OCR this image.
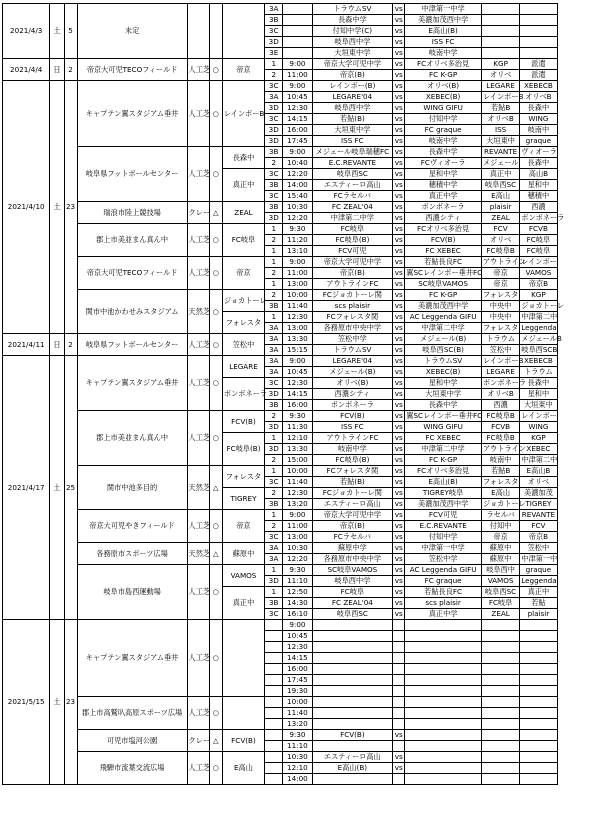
2021/4/3	土	5	未定				3A		トラウムSV	vs	中津第一中学		
							3B		長森中学	vs	美濃加茂西中学		
							3C		付知中学(C)	vs	E高山(B)		
							3D		岐阜西中学	vs	ISS FC		
							3E		大垣東中学	vs	岐南中学		
2021/4/4	日	2	帝京大可児TECOフィールド	人工芝	○	帝京	1	9:00	帝京大学可児中学	vs	FCオリベ多治見	KGP	派遣
							2	11:00	帝京(B)	vs	FC K-GP	オリベ	派遣
2021/4/10	土	23	キャプテン翼スタジアム垂井	人工芝	○	レインボーB	3C	9:00	レインボー(B)	vs	オリベ(B)	LEGARE	XEBECB
							3A	10:45	LEGARE'04	vs	XEBEC(B)	レインボーB	オリベB
							3D	12:30	岐阜西中学	vs	WING GIFU	若鮎B	長森中
							3C	14:15	若鮎(B)	vs	付知中学	オリベB	WING
							3D	16:00	大垣東中学	vs	FC graque	ISS	岐南中
							3D	17:45	ISS FC	vs	岐南中学	大垣東中	graque
			岐阜県フットボールセンター	人工芝	○	長森中	3B	9:00	メジェール岐阜瑞穂FC	vs	長森中学	REVANTE	ヴィオーラ
							2	10:40	E.C.REVANTE	vs	FCヴィオーラ	メジェール	長森中
						真正中	3C	12:20	岐阜西SC	vs	星和中学	真正中	高山B
							3B	14:00	エスティーロ高山	vs	穂積中学	岐阜西SC	星和中
							3C	15:40	FCラセルバ	vs	真正中学	E高山	穂積中
			瑞浪市陸上競技場	クレー	△	ZEAL	3B	10:30	FC ZEAL'04	vs	ボンボネーラ	plaisir	西濃
							3D	12:20	中津第二中学	vs	西濃シティ	ZEAL	ボンボネーラ
			郡上市美並まん真ん中	人工芝	○	FC岐阜	1	9:30	FC岐阜	vs	FCオリベ多治見	FCV	FCVB
							2	11:20	FC岐阜(B)	vs	FCV(B)	オリベ	FC岐阜
							1	13:10	FCV可児	vs	FC XEBEC	FC岐阜B	FC岐阜
			帝京大可児TECOフィールド	人工芝	○	帝京	1	9:00	帝京大学可児中学	vs	若鮎長良FC	アウトライン	レインボー
							2	11:00	帝京(B)	vs	翼SCレインボー垂井FC	帝京	VAMOS
							1	13:00	アウトラインFC	vs	SC岐阜VAMOS	帝京	帝京B
			関市中池かわせみスタジアム	天然芝	○	ジョカトーレ	2	10:00	FCジョカトーレ関	vs	FC K-GP	フォレスタ	KGP
							3B	11:40	scs plaisir	vs	美濃加茂西中学	中央中	ジョカトーレ
						フォレスタ	1	12:30	FCフォレスタ関	vs	AC Leggenda GIFU	中央中	中津第二中
							3A	13:00	各務原市中央中学	vs	中津第二中学	フォレスタ	Leggenda
2021/4/11	日	2	岐阜県フットボールセンター	人工芝	○	笠松中	3A	13:30	笠松中学	vs	メジェール(B)	トラウム	メジェールB
							3A	15:15	トラウムSV	vs	岐阜西SC(B)	笠松中	岐阜西SCB
2021/4/17	土	25	キャプテン翼スタジアム垂井	人工芝	○	LEGARE	3A	9:00	LEGARE'04	vs	トラウムSV	レインボーB	XEBECB
							3A	10:45	メジェール(B)	vs	XEBEC(B)	LEGARE	トラウム
						ボンボネーラ	3C	12:30	オリベ(B)	vs	星和中学	ボンボネーラ	長森中
							3D	14:15	西濃シティ	vs	大垣東中学	オリベB	星和中
							3B	16:00	ボンボネーラ	vs	長森中学	西濃	大垣東中
			郡上市美並まん真ん中	人工芝	○	FCV(B)	2	9:30	FCV(B)	vs	翼SCレインボー垂井FC	FC岐阜B	レインボー
							3D	11:30	ISS FC	vs	WING GIFU	FCVB	WING
						FC岐阜(B)	1	12:10	アウトラインFC	vs	FC XEBEC	FC岐阜B	KGP
							3D	13:30	岐南中学	vs	中津第二中学	アウトライン	XEBEC
							2	15:00	FC岐阜(B)	vs	FC K-GP	岐南中	中津第二中
			関市中池多目的	天然芝	△	フォレスタ	1	10:00	FCフォレスタ関	vs	FCオリベ多治見	若鮎B	E高山B
							3C	11:40	若鮎(B)	vs	E高山(B)	フォレスタ	オリベ
						TIGREY	2	12:30	FCジョカトーレ関	vs	TIGREY岐阜	E高山	美濃加茂
							3B	13:20	エスティーロ高山	vs	美濃加茂西中学	ジョカトーレ	TIGREY
			帝京大可児やきフィールド	人工芝	○	帝京	1	9:00	帝京大学可児中学	vs	FCV可児	ラセルバ	REVANTE
							2	11:00	帝京(B)	vs	E.C.REVANTE	付知中	FCV
							3C	13:00	FCラセルバ	vs	付知中学	帝京	帝京B
			各務原市スポーツ広場	天然芝	△	蘇原中	3A	10:30	蘇原中学	vs	中津第一中学	蘇原中	笠松中
							3A	12:20	各務原市中央中学	vs	笠松中学	蘇原中	中津第一中
			岐阜市島西運動場	人工芝	○	VAMOS	1	9:30	SC岐阜VAMOS	vs	AC Leggenda GIFU	岐阜西中	graque
							3D	11:10	岐阜西中学	vs	FC graque	VAMOS	Leggenda
						真正中	1	12:50	FC岐阜	vs	若鮎長良FC	岐阜西SC	真正中
							3B	14:30	FC ZEAL'04	vs	scs plaisir	FC岐阜	若鮎
							3C	16:10	岐阜西SC	vs	真正中学	ZEAL	plaisir
2021/5/15	土	23	キャプテン翼スタジアム垂井	人工芝	○			9:00					
								10:45					
								12:30					
								14:15					
								16:00					
								17:45					
								19:30					
			郡上市高鷲叺高原スポーツ広場	人工芝	○			10:00					
								11:40					
								13:20					
			可児市塩河公園	クレー	△	FCV(B)		9:30	FCV(B)	vs			
								11:10					
			飛騨市流葉交流広場	人工芝	○	E高山		10:30	エスティーロ高山	vs			
								12:10	E高山(B)	vs			
								14:00					
